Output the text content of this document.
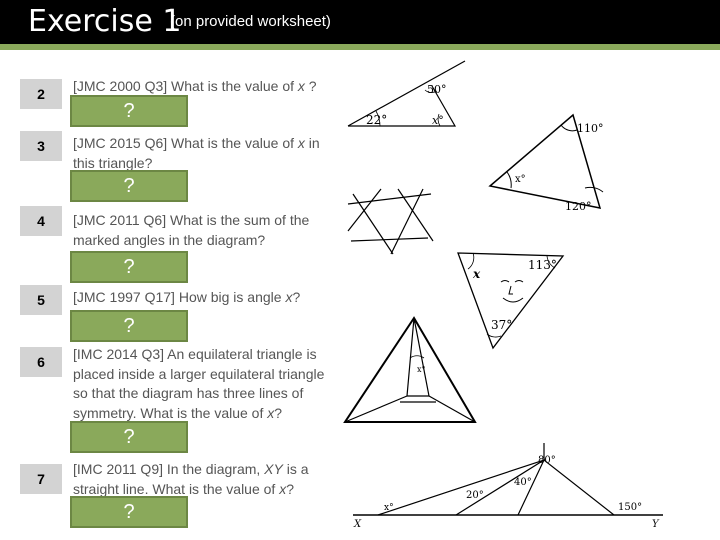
Exercise 1
(on provided worksheet)
2	[JMC 2000 Q3] What is the value of x ?
?
3	[JMC 2015 Q6] What is the value of x in
this triangle?
?
4	[JMC 2011 Q6] What is the sum of the
marked angles in the diagram?
?
5	[JMC 1997 Q17] How big is angle x?
?
6	[IMC 2014 Q3] An equilateral triangle is
placed inside a larger equilateral triangle
so that the diagram has three lines of
symmetry. What is the value of x?
?
7
[IMC 2011 Q9] In the diagram, XY is a
straight line. What is the value of x?
?
22°	x°
50°
110°
x°
120°
113°
37°
x
x°
80°
40°
20°
x°	150°
X	Y
